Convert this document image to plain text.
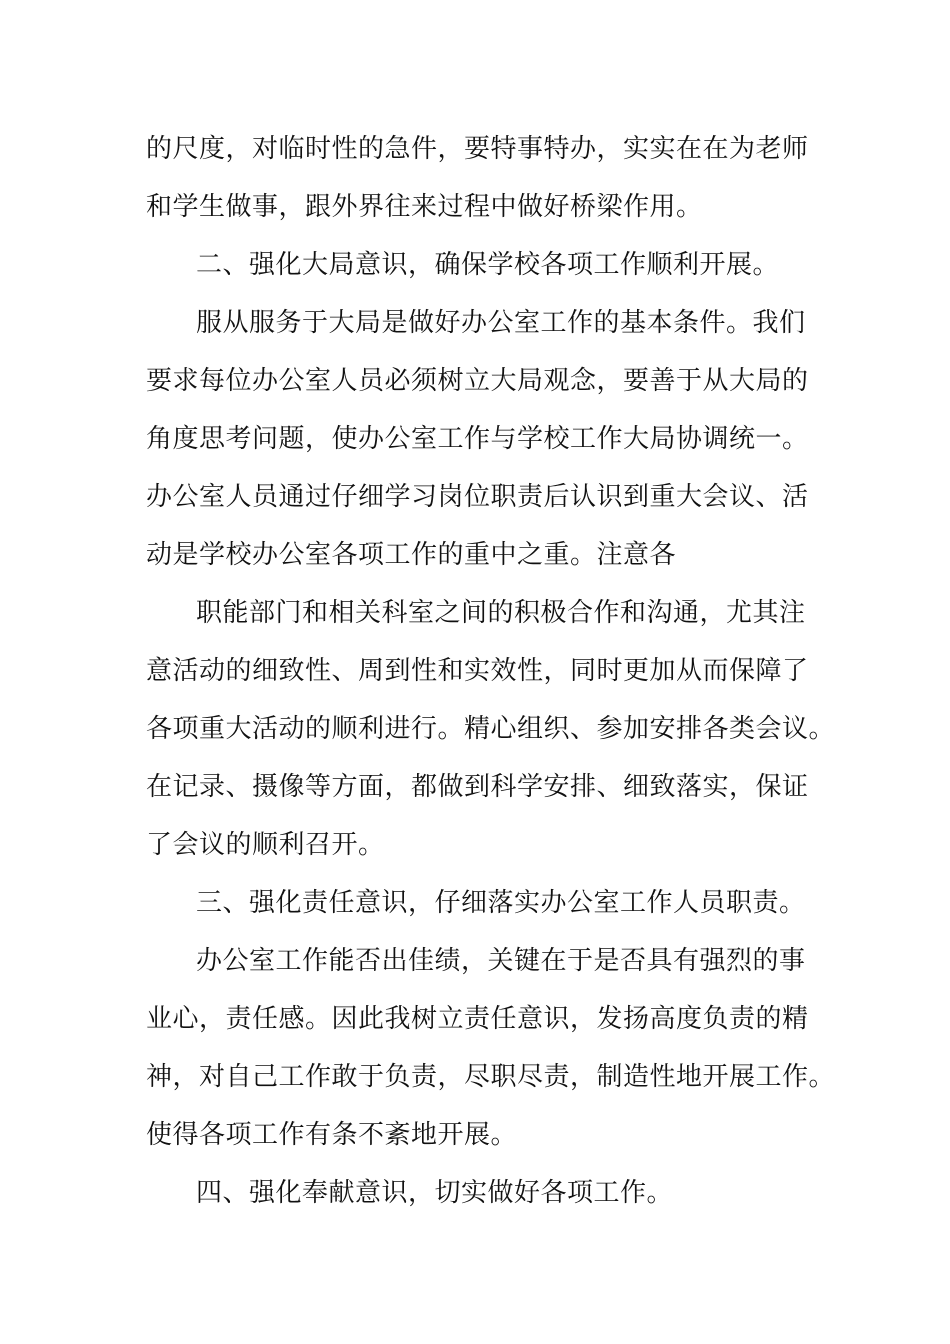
的尺度，对临时性的急件，要特事特办，实实在在为老师
和学生做事，跟外界往来过程中做好桥梁作用。
二、强化大局意识，确保学校各项工作顺利开展。
服从服务于大局是做好办公室工作的基本条件。我们
要求每位办公室人员必须树立大局观念，要善于从大局的
角度思考问题，使办公室工作与学校工作大局协调统一。
办公室人员通过仔细学习岗位职责后认识到重大会议、活
动是学校办公室各项工作的重中之重。注意各
职能部门和相关科室之间的积极合作和沟通，尤其注
意活动的细致性、周到性和实效性，同时更加从而保障了
各项重大活动的顺利进行。精心组织、参加安排各类会议。
在记录、摄像等方面，都做到科学安排、细致落实，保证
了会议的顺利召开。
三、强化责任意识，仔细落实办公室工作人员职责。
办公室工作能否出佳绩，关键在于是否具有强烈的事
业心，责任感。因此我树立责任意识，发扬高度负责的精
神，对自己工作敢于负责，尽职尽责，制造性地开展工作。
使得各项工作有条不紊地开展。
四、强化奉献意识，切实做好各项工作。
